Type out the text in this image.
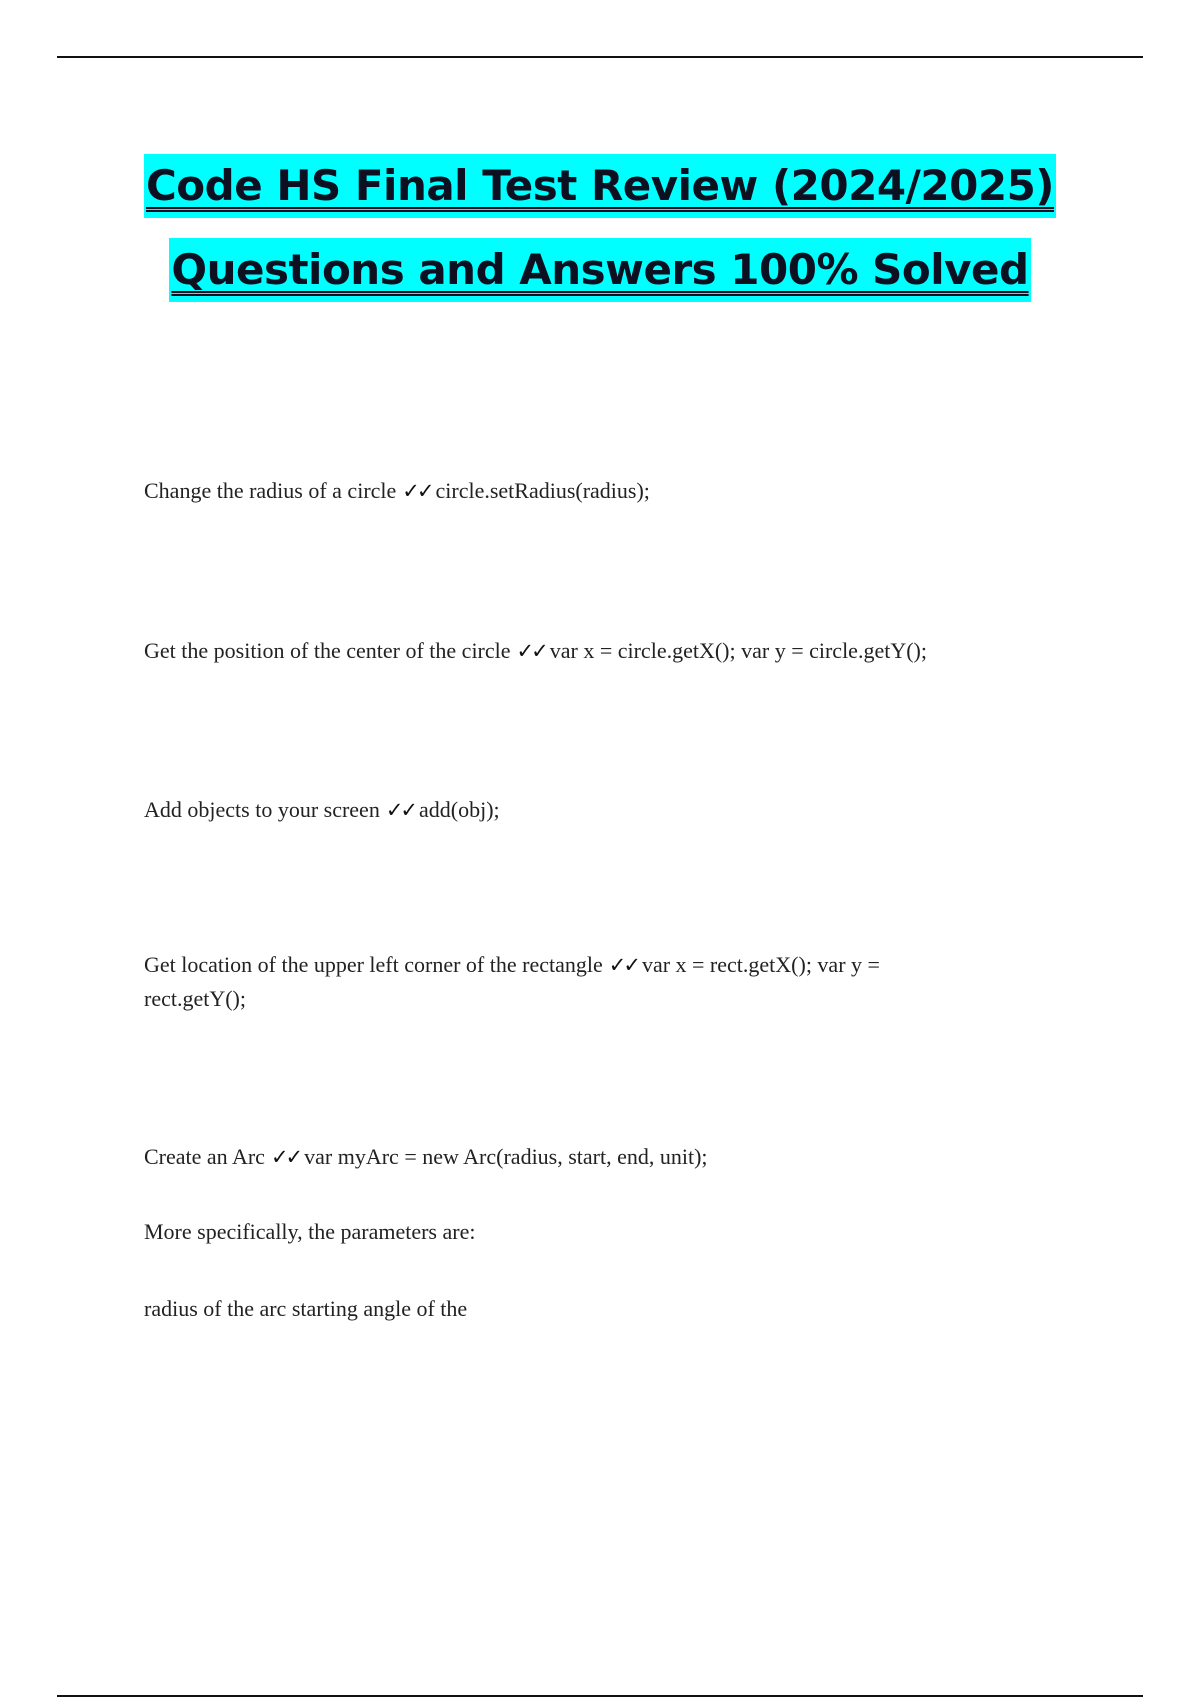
Code HS Final Test Review (2024/2025)
Questions and Answers 100% Solved
Change the radius of a circle ✓✓ circle.setRadius(radius);
Get the position of the center of the circle ✓✓ var x = circle.getX(); var y = circle.getY();
Add objects to your screen ✓✓ add(obj);
Get location of the upper left corner of the rectangle ✓✓ var x = rect.getX(); var y = rect.getY();
Create an Arc ✓✓ var myArc = new Arc(radius, start, end, unit);
More specifically, the parameters are:
radius of the arc starting angle of the
